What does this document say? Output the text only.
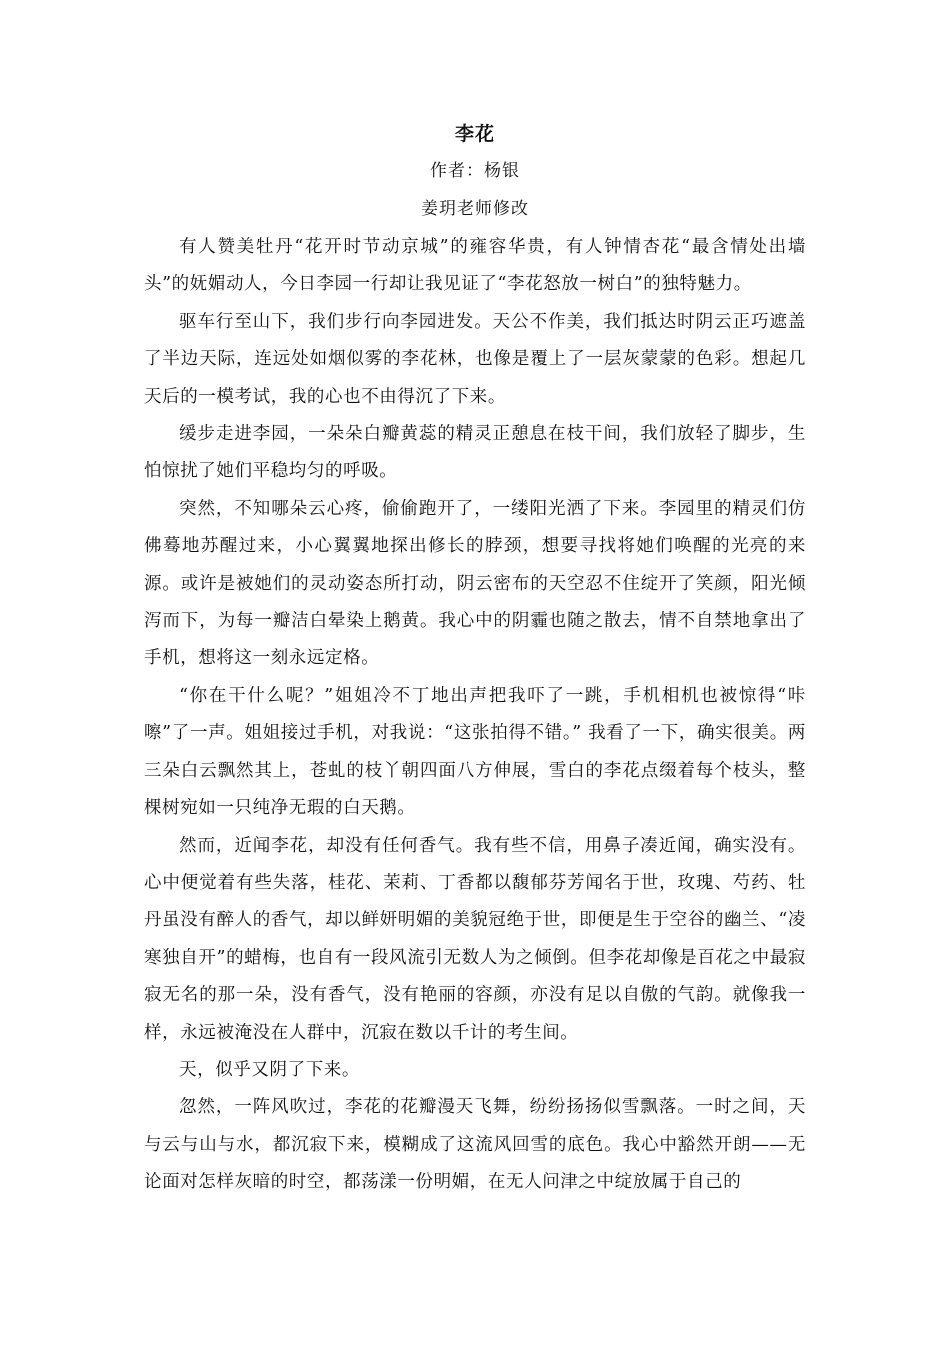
李花
作者：杨银
姜玥老师修改

有人赞美牡丹“花开时节动京城”的雍容华贵，有人钟情杏花“最含情处出墙头”的妩媚动人，今日李园一行却让我见证了“李花怒放一树白”的独特魅力。

驱车行至山下，我们步行向李园进发。天公不作美，我们抵达时阴云正巧遮盖了半边天际，连远处如烟似雾的李花林，也像是覆上了一层灰蒙蒙的色彩。想起几天后的一模考试，我的心也不由得沉了下来。

缓步走进李园，一朵朵白瓣黄蕊的精灵正憩息在枝干间，我们放轻了脚步，生怕惊扰了她们平稳均匀的呼吸。

突然，不知哪朵云心疼，偷偷跑开了，一缕阳光洒了下来。李园里的精灵们仿佛蓦地苏醒过来，小心翼翼地探出修长的脖颈，想要寻找将她们唤醒的光亮的来源。或许是被她们的灵动姿态所打动，阴云密布的天空忍不住绽开了笑颜，阳光倾泻而下，为每一瓣洁白晕染上鹅黄。我心中的阴霾也随之散去，情不自禁地拿出了手机，想将这一刻永远定格。

“你在干什么呢？”姐姐冷不丁地出声把我吓了一跳，手机相机也被惊得“咔嚓”了一声。姐姐接过手机，对我说：“这张拍得不错。” 我看了一下，确实很美。两三朵白云飘然其上，苍虬的枝丫朝四面八方伸展，雪白的李花点缀着每个枝头，整棵树宛如一只纯净无瑕的白天鹅。

然而，近闻李花，却没有任何香气。我有些不信，用鼻子凑近闻，确实没有。心中便觉着有些失落，桂花、茉莉、丁香都以馥郁芬芳闻名于世，玫瑰、芍药、牡丹虽没有醉人的香气，却以鲜妍明媚的美貌冠绝于世，即便是生于空谷的幽兰、“凌寒独自开”的蜡梅，也自有一段风流引无数人为之倾倒。但李花却像是百花之中最寂寂无名的那一朵，没有香气，没有艳丽的容颜，亦没有足以自傲的气韵。就像我一样，永远被淹没在人群中，沉寂在数以千计的考生间。

天，似乎又阴了下来。

忽然，一阵风吹过，李花的花瓣漫天飞舞，纷纷扬扬似雪飘落。一时之间，天与云与山与水，都沉寂下来，模糊成了这流风回雪的底色。我心中豁然开朗——无论面对怎样灰暗的时空，都荡漾一份明媚，在无人问津之中绽放属于自己的
